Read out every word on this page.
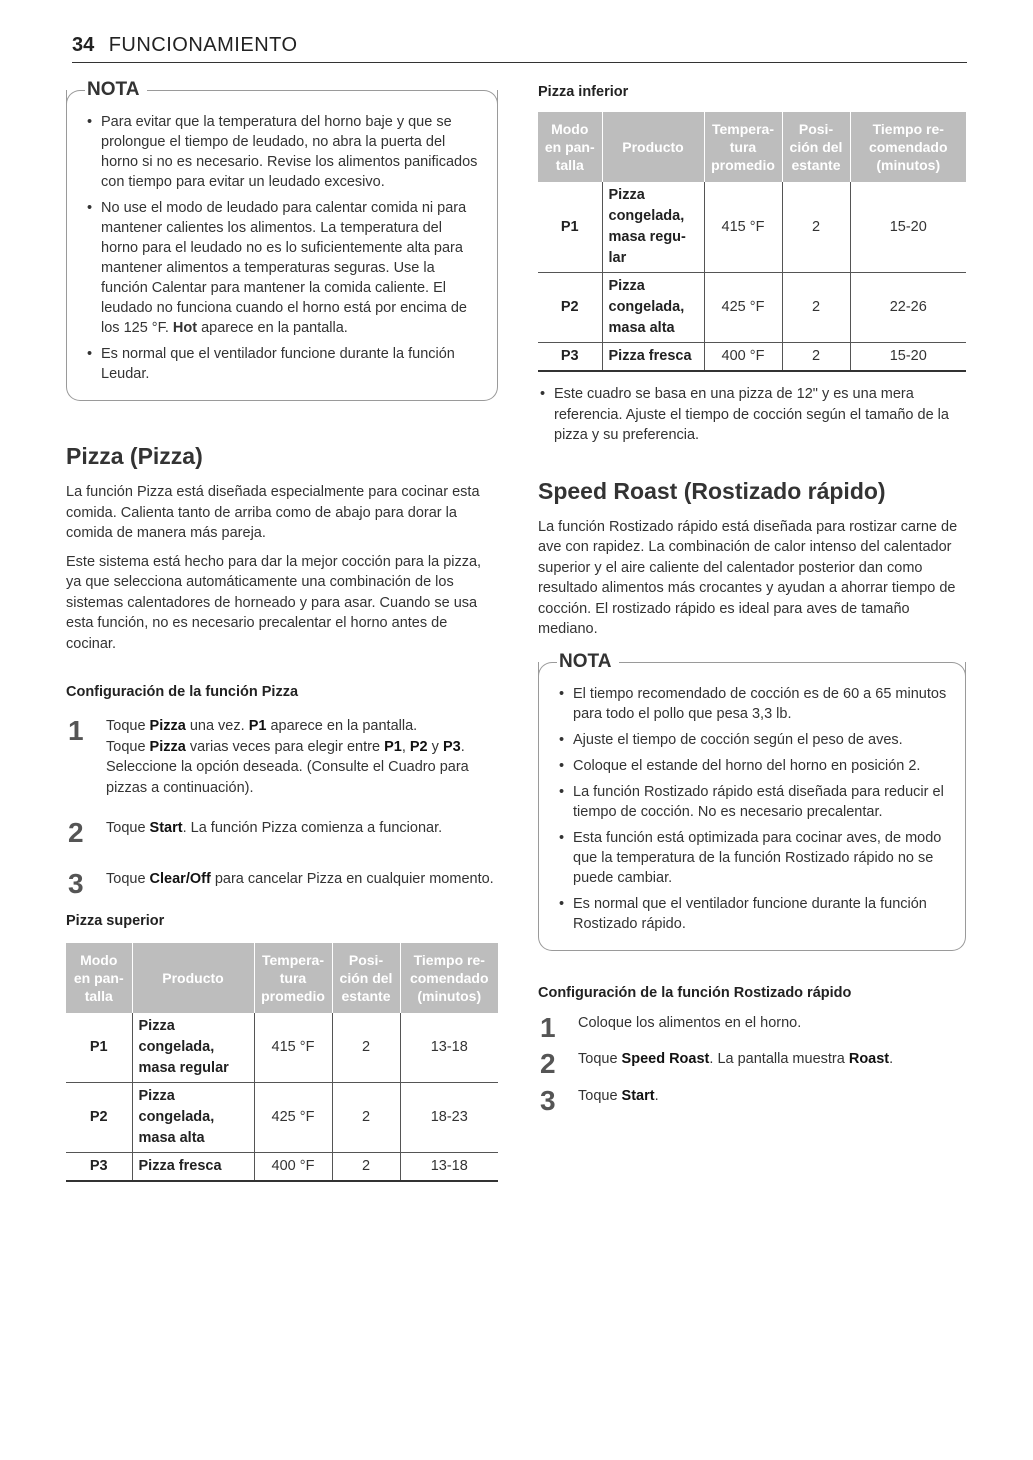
34 FUNCIONAMIENTO
NOTA
• Para evitar que la temperatura del horno baje y que se prolongue el tiempo de leudado, no abra la puerta del horno si no es necesario. Revise los alimentos panificados con tiempo para evitar un leudado excesivo.
• No use el modo de leudado para calentar comida ni para mantener calientes los alimentos. La temperatura del horno para el leudado no es lo suficientemente alta para mantener alimentos a temperaturas seguras. Use la función Calentar para mantener la comida caliente. El leudado no funciona cuando el horno está por encima de los 125 °F. Hot aparece en la pantalla.
• Es normal que el ventilador funcione durante la función Leudar.
Pizza (Pizza)

La función Pizza está diseñada especialmente para cocinar esta comida. Calienta tanto de arriba como de abajo para dorar la comida de manera más pareja.

Este sistema está hecho para dar la mejor cocción para la pizza, ya que selecciona automáticamente una combinación de los sistemas calentadores de horneado y para asar. Cuando se usa esta función, no es necesario precalentar el horno antes de cocinar.

Configuración de la función Pizza
1 Toque Pizza una vez. P1 aparece en la pantalla.
Toque Pizza varias veces para elegir entre P1, P2 y P3.
Seleccione la opción deseada. (Consulte el Cuadro para pizzas a continuación).
2 Toque Start. La función Pizza comienza a funcionar.
3 Toque Clear/Off para cancelar Pizza en cualquier momento.
Pizza superior
Modo en pan-talla	Producto	Tempera-tura promedio	Posi-ción del estante	Tiempo re-comendado (minutos)
P1	Pizza congelada, masa regular	415 °F	2	13-18
P2	Pizza congelada, masa alta	425 °F	2	18-23
P3	Pizza fresca	400 °F	2	13-18
Pizza inferior
Modo en pan-talla	Producto	Tempera-tura promedio	Posi-ción del estante	Tiempo re-comendado (minutos)
P1	Pizza congelada, masa regu-lar	415 °F	2	15-20
P2	Pizza congelada, masa alta	425 °F	2	22-26
P3	Pizza fresca	400 °F	2	15-20
• Este cuadro se basa en una pizza de 12" y es una mera referencia. Ajuste el tiempo de cocción según el tamaño de la pizza y su preferencia.
Speed Roast (Rostizado rápido)

La función Rostizado rápido está diseñada para rostizar carne de ave con rapidez. La combinación de calor intenso del calentador superior y el aire caliente del calentador posterior dan como resultado alimentos más crocantes y ayudan a ahorrar tiempo de cocción. El rostizado rápido es ideal para aves de tamaño mediano.

NOTA
• El tiempo recomendado de cocción es de 60 a 65 minutos para todo el pollo que pesa 3,3 lb.
• Ajuste el tiempo de cocción según el peso de aves.
• Coloque el estande del horno del horno en posición 2.
• La función Rostizado rápido está diseñada para reducir el tiempo de cocción. No es necesario precalentar.
• Esta función está optimizada para cocinar aves, de modo que la temperatura de la función Rostizado rápido no se puede cambiar.
• Es normal que el ventilador funcione durante la función Rostizado rápido.
Configuración de la función Rostizado rápido
1 Coloque los alimentos en el horno.
2 Toque Speed Roast. La pantalla muestra Roast.
3 Toque Start.
